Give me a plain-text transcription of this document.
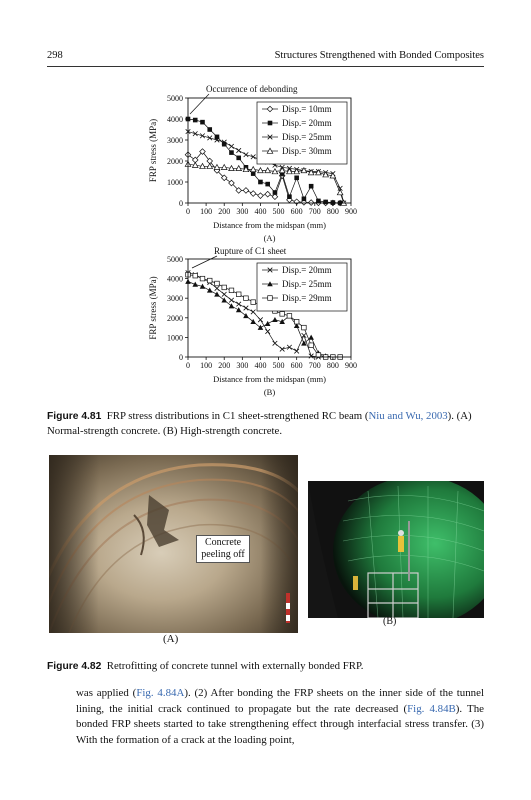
298	Structures Strengthened with Bonded Composites
0 100 200 300 400 500 600 700 800 900
0
1000
2000
3000
4000
5000
Disp.= 10mm
Disp.= 20mm
Disp.= 25mm
Disp.= 30mm
FRP stress (MPa)
Distance from the midspan (mm)
(A)
Occurrence of debonding
0 100 200 300 400 500 600 700 800 900
0
1000
2000
3000
4000
5000
Disp.= 20mm
Disp.= 25mm
Disp.= 29mm
FRP stress (MPa)
Distance from the midspan (mm)
(B)
Rupture of C1 sheet
Figure 4.81 FRP stress distributions in C1 sheet-strengthened RC beam (Niu and Wu, 2003). (A) Normal-strength concrete. (B) High-strength concrete.
Concrete
peeling off
(A)
(B)
Figure 4.82 Retrofitting of concrete tunnel with externally bonded FRP.
was applied (Fig. 4.84A). (2) After bonding the FRP sheets on the inner side of the tunnel lining, the initial crack continued to propagate but the rate decreased (Fig. 4.84B). The bonded FRP sheets started to take strengthening effect through interfacial stress transfer. (3) With the formation of a crack at the loading point,
